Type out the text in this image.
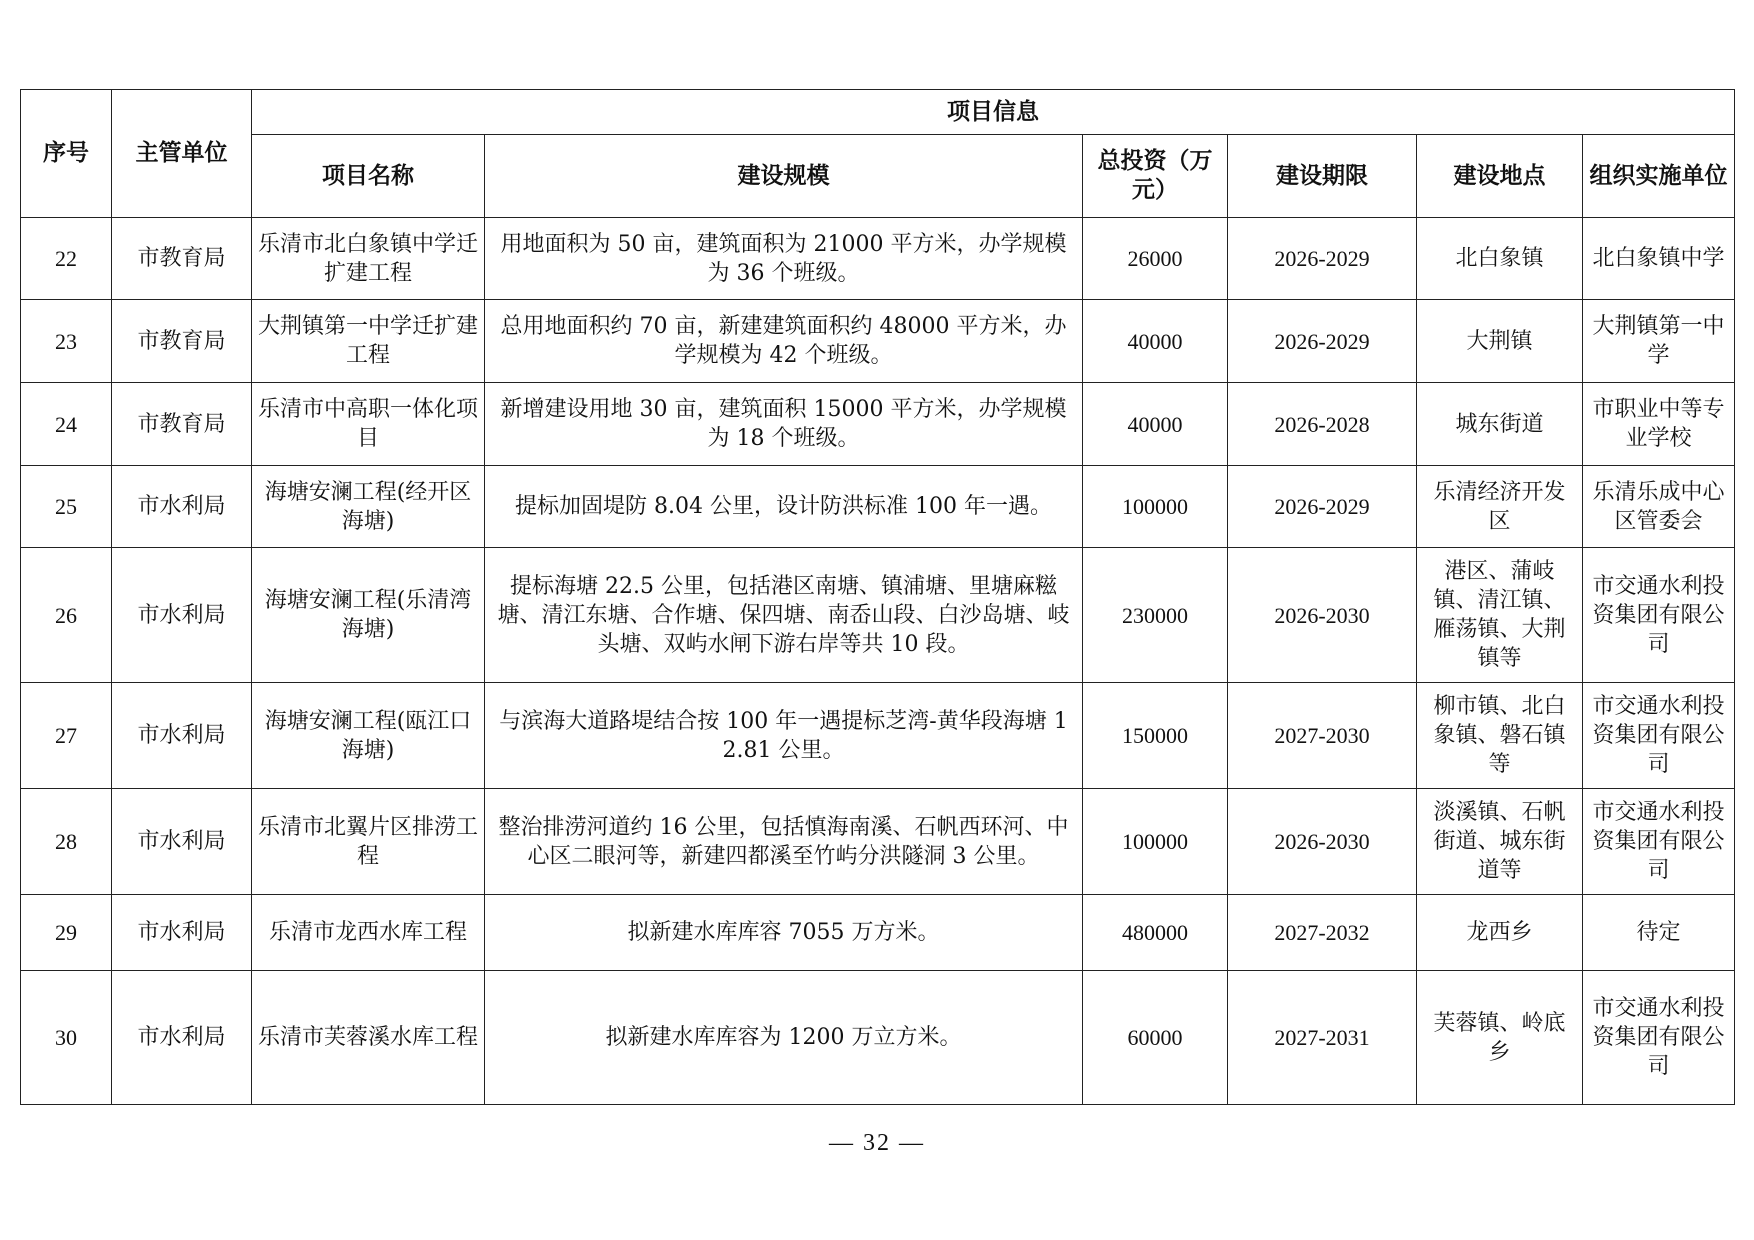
序号	主管单位	项目信息					
		项目名称	建设规模	总投资（万元）	建设期限	建设地点	组织实施单位
22	市教育局	乐清市北白象镇中学迁扩建工程	用地面积为 50 亩，建筑面积为 21000 平方米，办学规模为 36 个班级。	26000	2026-2029	北白象镇	北白象镇中学
23	市教育局	大荆镇第一中学迁扩建工程	总用地面积约 70 亩，新建建筑面积约 48000 平方米，办学规模为 42 个班级。	40000	2026-2029	大荆镇	大荆镇第一中学
24	市教育局	乐清市中高职一体化项目	新增建设用地 30 亩，建筑面积 15000 平方米，办学规模为 18 个班级。	40000	2026-2028	城东街道	市职业中等专业学校
25	市水利局	海塘安澜工程(经开区海塘)	提标加固堤防 8.04 公里，设计防洪标准 100 年一遇。	100000	2026-2029	乐清经济开发区	乐清乐成中心区管委会
26	市水利局	海塘安澜工程(乐清湾海塘)	提标海塘 22.5 公里，包括港区南塘、镇浦塘、里塘麻糍塘、清江东塘、合作塘、保四塘、南岙山段、白沙岛塘、岐头塘、双屿水闸下游右岸等共 10 段。	230000	2026-2030	港区、蒲岐镇、清江镇、雁荡镇、大荆镇等	市交通水利投资集团有限公司
27	市水利局	海塘安澜工程(瓯江口海塘)	与滨海大道路堤结合按 100 年一遇提标芝湾-黄华段海塘 12.81 公里。	150000	2027-2030	柳市镇、北白象镇、磐石镇等	市交通水利投资集团有限公司
28	市水利局	乐清市北翼片区排涝工程	整治排涝河道约 16 公里，包括慎海南溪、石帆西环河、中心区二眼河等，新建四都溪至竹屿分洪隧洞 3 公里。	100000	2026-2030	淡溪镇、石帆街道、城东街道等	市交通水利投资集团有限公司
29	市水利局	乐清市龙西水库工程	拟新建水库库容 7055 万方米。	480000	2027-2032	龙西乡	待定
30	市水利局	乐清市芙蓉溪水库工程	拟新建水库库容为 1200 万立方米。	60000	2027-2031	芙蓉镇、岭底乡	市交通水利投资集团有限公司
— 32 —
